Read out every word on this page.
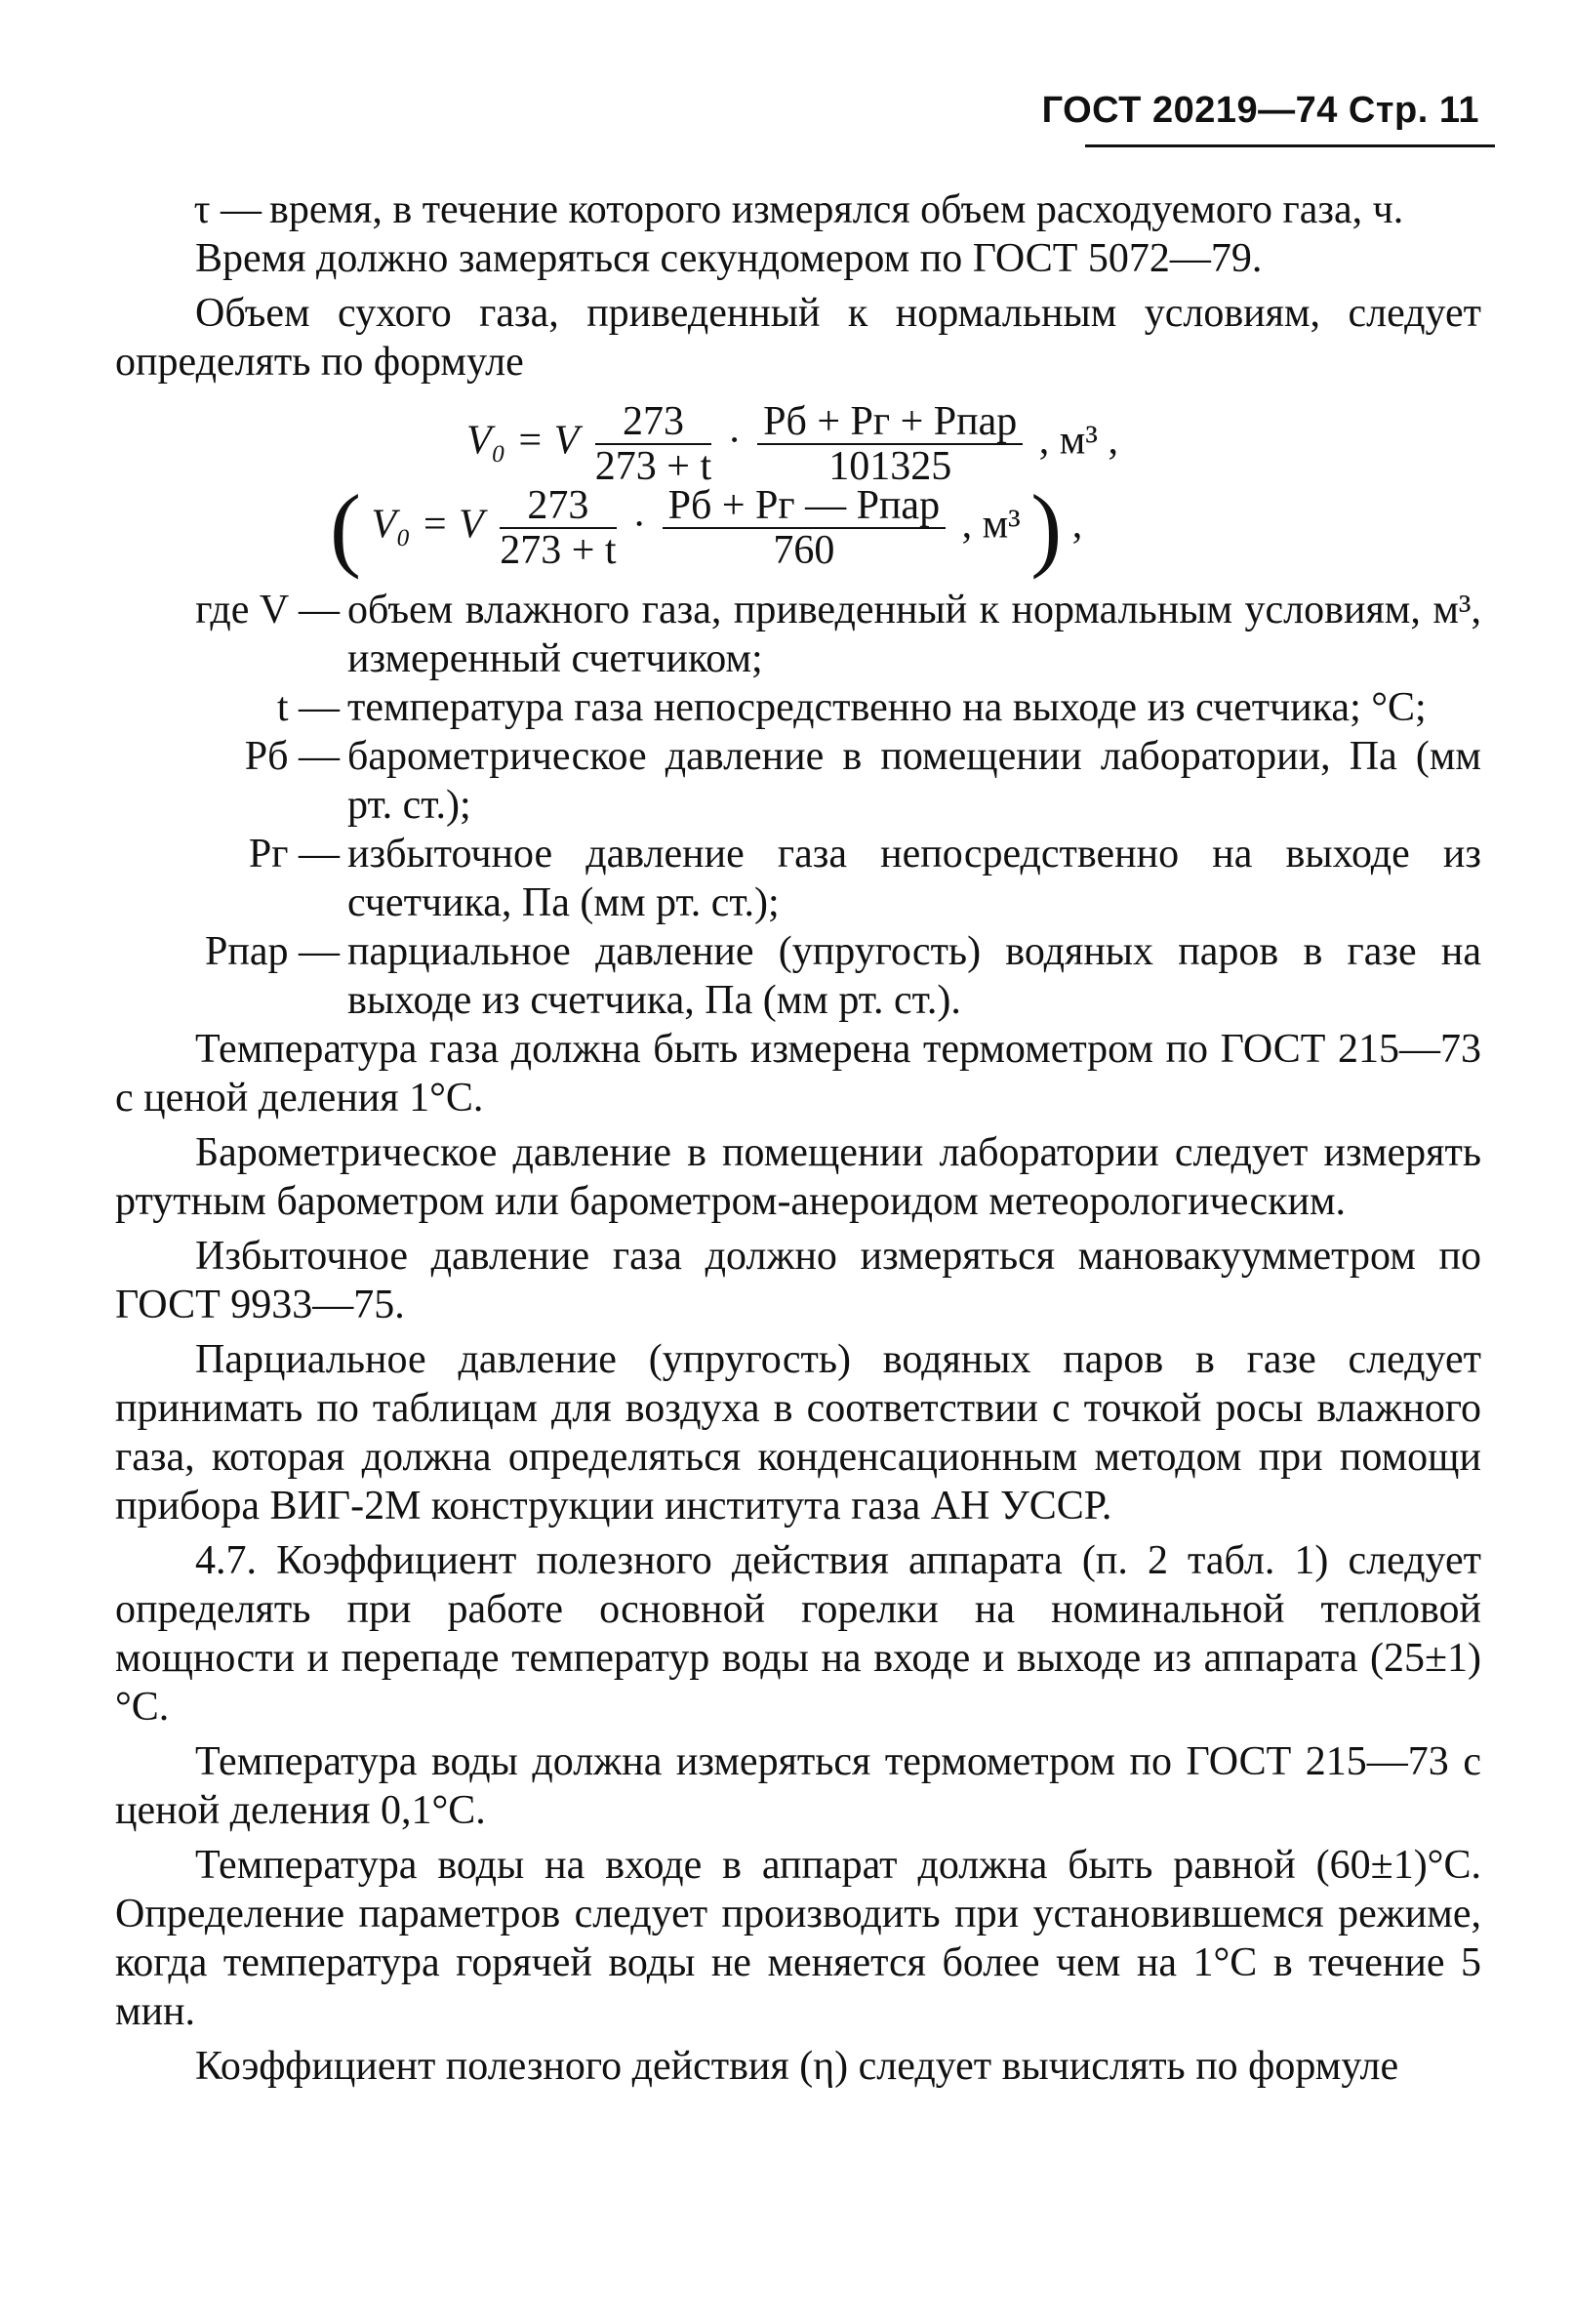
ГОСТ 20219—74 Стр. 11
τ — время, в течение которого измерялся объем расходуемого газа, ч.

Время должно замеряться секундомером по ГОСТ 5072—79.

Объем сухого газа, приведенный к нормальным условиям, следует определять по формуле

V₀ = V $\frac{273}{273 + t} \cdot \frac{\text{Pб + Pг + Pпар}}{101325}$ , м³ ,
( V₀ = V $\frac{273}{273 + t} \cdot \frac{\text{Pб + Pг — Pпар}}{760}$ , м³ ) ,
где V — объем влажного газа, приведенный к нормальным условиям, м³, измеренный счетчиком;
t — температура газа непосредственно на выходе из счетчика; °С;
Pб — барометрическое давление в помещении лаборатории, Па (мм рт. ст.);
Pг — избыточное давление газа непосредственно на выходе из счетчика, Па (мм рт. ст.);
Pпар — парциальное давление (упругость) водяных паров в газе на выходе из счетчика, Па (мм рт. ст.).

Температура газа должна быть измерена термометром по ГОСТ 215—73 с ценой деления 1°С.

Барометрическое давление в помещении лаборатории следует измерять ртутным барометром или барометром-анероидом метеорологическим.

Избыточное давление газа должно измеряться мановакуумметром по ГОСТ 9933—75.

Парциальное давление (упругость) водяных паров в газе следует принимать по таблицам для воздуха в соответствии с точкой росы влажного газа, которая должна определяться конденсационным методом при помощи прибора ВИГ-2М конструкции института газа АН УССР.

4.7. Коэффициент полезного действия аппарата (п. 2 табл. 1) следует определять при работе основной горелки на номинальной тепловой мощности и перепаде температур воды на входе и выходе из аппарата (25±1)°С.

Температура воды должна измеряться термометром по ГОСТ 215—73 с ценой деления 0,1°С.

Температура воды на входе в аппарат должна быть равной (60±1)°С. Определение параметров следует производить при установившемся режиме, когда температура горячей воды не меняется более чем на 1°С в течение 5 мин.

Коэффициент полезного действия (η) следует вычислять по формуле
